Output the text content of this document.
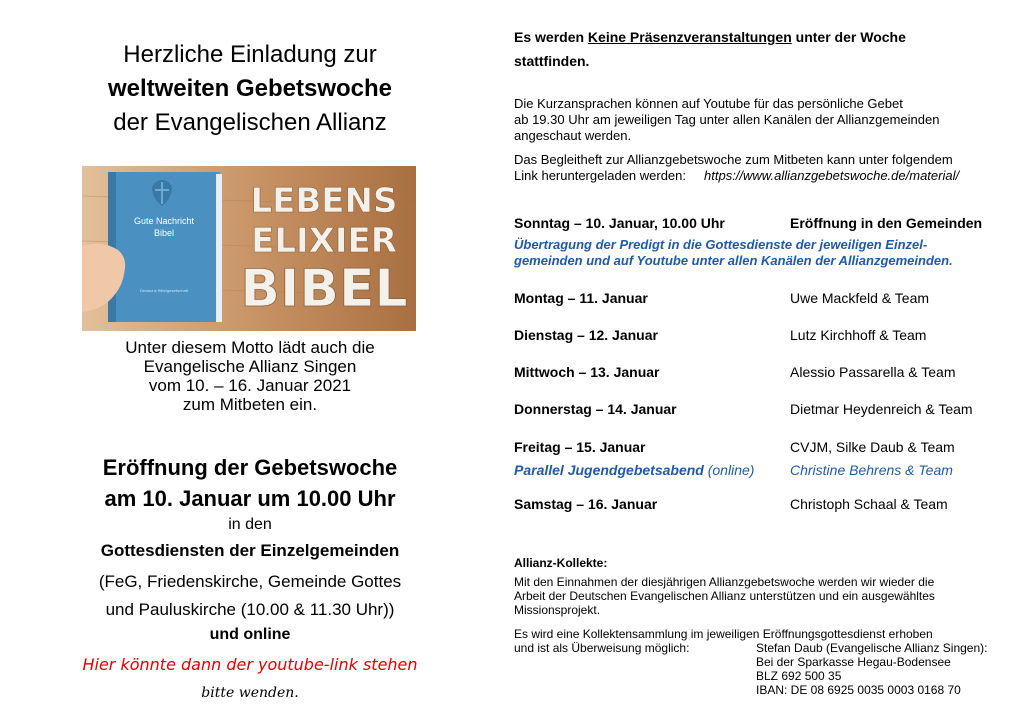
Herzliche Einladung zur
weltweiten Gebetswoche
der Evangelischen Allianz
Gute Nachricht
Bibel
Deutsche Bibelgesellschaft
LEBENS
ELIXIER
BIBEL
Unter diesem Motto lädt auch die
Evangelische Allianz Singen
vom 10. – 16. Januar 2021
zum Mitbeten ein.
Eröffnung der Gebetswoche
am 10. Januar um 10.00 Uhr
in den
Gottesdiensten der Einzelgemeinden
(FeG, Friedenskirche, Gemeinde Gottes
und Pauluskirche (10.00 & 11.30 Uhr))
und online
Hier könnte dann der youtube-link stehen
bitte wenden.
Es werden Keine Präsenzveranstaltungen unter der Woche
stattfinden.
Die Kurzansprachen können auf Youtube für das persönliche Gebet
ab 19.30 Uhr am jeweiligen Tag unter allen Kanälen der Allianzgemeinden
angeschaut werden.
Das Begleitheft zur Allianzgebetswoche zum Mitbeten kann unter folgendem
Link heruntergeladen werden: https://www.allianzgebetswoche.de/material/
Sonntag – 10. Januar, 10.00 Uhr	Eröffnung in den Gemeinden
Übertragung der Predigt in die Gottesdienste der jeweiligen Einzel-
gemeinden und auf Youtube unter allen Kanälen der Allianzgemeinden.
Montag – 11. Januar	Uwe Mackfeld & Team
Dienstag – 12. Januar	Lutz Kirchhoff & Team
Mittwoch – 13. Januar	Alessio Passarella & Team
Donnerstag – 14. Januar	Dietmar Heydenreich & Team
Freitag – 15. Januar	CVJM, Silke Daub & Team
Parallel Jugendgebetsabend (online)	Christine Behrens & Team
Samstag – 16. Januar	Christoph Schaal & Team
Allianz-Kollekte:
Mit den Einnahmen der diesjährigen Allianzgebetswoche werden wir wieder die
Arbeit der Deutschen Evangelischen Allianz unterstützen und ein ausgewähltes
Missionsprojekt.
Es wird eine Kollektensammlung im jeweiligen Eröffnungsgottesdienst erhoben
und ist als Überweisung möglich:	Stefan Daub (Evangelische Allianz Singen):
Bei der Sparkasse Hegau-Bodensee
BLZ 692 500 35
IBAN: DE 08 6925 0035 0003 0168 70
